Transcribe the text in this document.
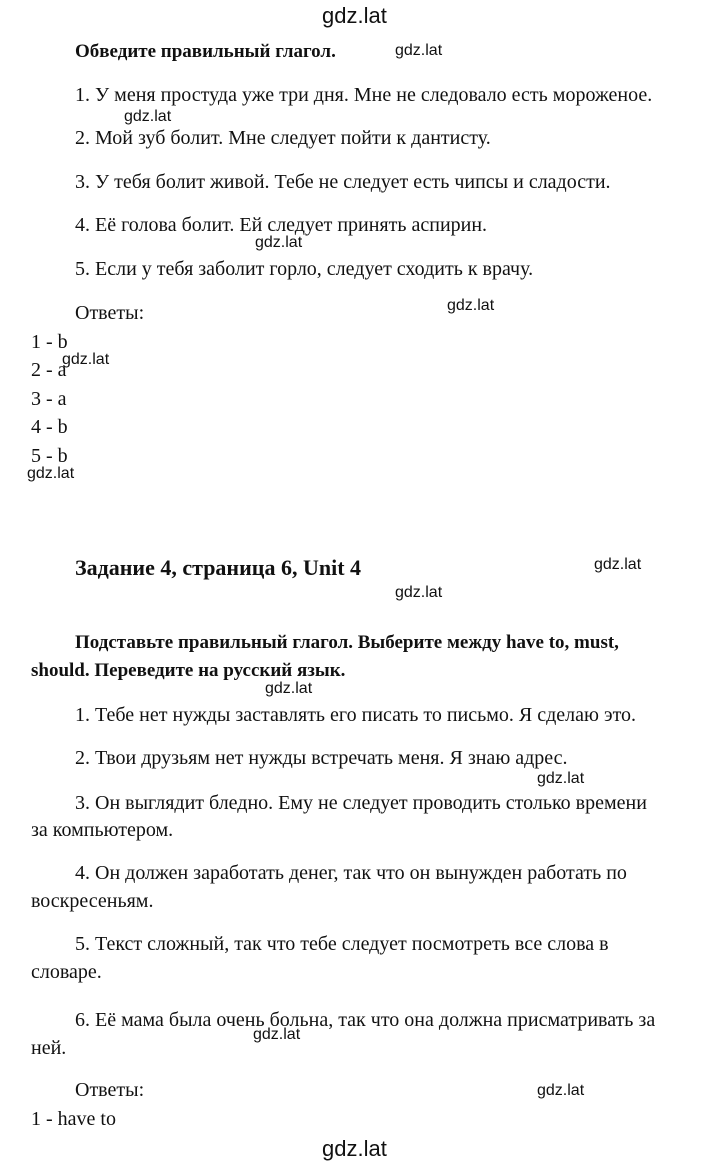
gdz.lat
gdz.lat
Обведите правильный глагол.	gdz.lat
1. У меня простуда уже три дня. Мне не следовало есть мороженое.
gdz.lat
2. Мой зуб болит. Мне следует пойти к дантисту.
3. У тебя болит живой. Тебе не следует есть чипсы и сладости.
4. Её голова болит. Ей следует принять аспирин.
gdz.lat
5. Если у тебя заболит горло, следует сходить к врачу.
Ответы:	gdz.lat
1 - b
2 - a
gdz.lat
3 - a
4 - b
5 - b
gdz.lat
Задание 4, страница 6, Unit 4	gdz.lat
gdz.lat
Подставьте правильный глагол. Выберите между have to, must,
should. Переведите на русский язык.
gdz.lat
1. Тебе нет нужды заставлять его писать то письмо. Я сделаю это.
2. Твои друзьям нет нужды встречать меня. Я знаю адрес.
gdz.lat
3. Он выглядит бледно. Ему не следует проводить столько времени
за компьютером.
4. Он должен заработать денег, так что он вынужден работать по
воскресеньям.
5. Текст сложный, так что тебе следует посмотреть все слова в
словаре.
6. Её мама была очень больна, так что она должна присматривать за
ней.
gdz.lat
Ответы:	gdz.lat
1 - have to
